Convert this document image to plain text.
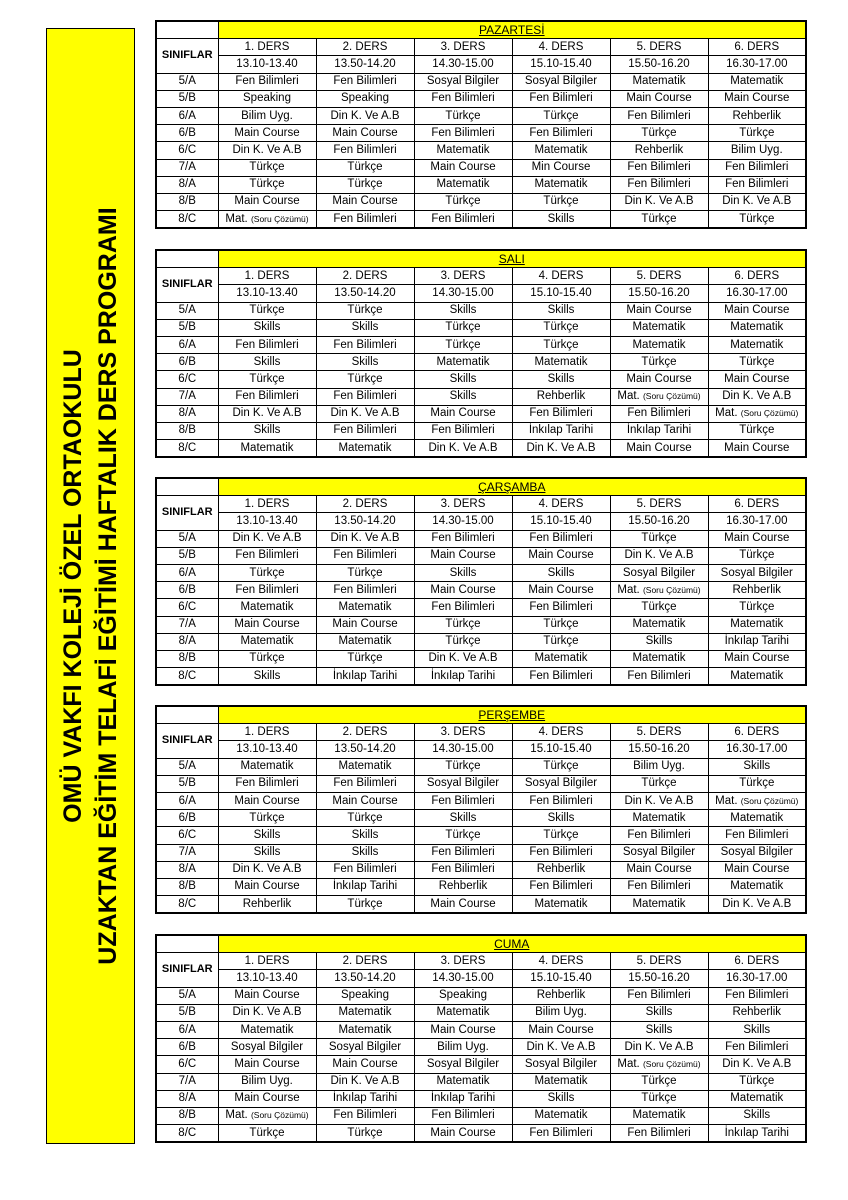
OMÜ VAKFI KOLEJİ ÖZEL ORTAOKULU UZAKTAN EĞİTİM TELAFİ EĞİTİMİ HAFTALIK DERS PROGRAMI
	PAZARTESİ					
SINIFLAR	1. DERS	2. DERS	3. DERS	4. DERS	5. DERS	6. DERS
	13.10-13.40	13.50-14.20	14.30-15.00	15.10-15.40	15.50-16.20	16.30-17.00
5/A	Fen Bilimleri	Fen Bilimleri	Sosyal Bilgiler	Sosyal Bilgiler	Matematik	Matematik
5/B	Speaking	Speaking	Fen Bilimleri	Fen Bilimleri	Main Course	Main Course
6/A	Bilim Uyg.	Din K. Ve A.B	Türkçe	Türkçe	Fen Bilimleri	Rehberlik
6/B	Main Course	Main Course	Fen Bilimleri	Fen Bilimleri	Türkçe	Türkçe
6/C	Din K. Ve A.B	Fen Bilimleri	Matematik	Matematik	Rehberlik	Bilim Uyg.
7/A	Türkçe	Türkçe	Main Course	Min Course	Fen Bilimleri	Fen Bilimleri
8/A	Türkçe	Türkçe	Matematik	Matematik	Fen Bilimleri	Fen Bilimleri
8/B	Main Course	Main Course	Türkçe	Türkçe	Din K. Ve A.B	Din K. Ve A.B
8/C	Mat. (Soru Çözümü)	Fen Bilimleri	Fen Bilimleri	Skills	Türkçe	Türkçe
	SALI					
SINIFLAR	1. DERS	2. DERS	3. DERS	4. DERS	5. DERS	6. DERS
	13.10-13.40	13.50-14.20	14.30-15.00	15.10-15.40	15.50-16.20	16.30-17.00
5/A	Türkçe	Türkçe	Skills	Skills	Main Course	Main Course
5/B	Skills	Skills	Türkçe	Türkçe	Matematik	Matematik
6/A	Fen Bilimleri	Fen Bilimleri	Türkçe	Türkçe	Matematik	Matematik
6/B	Skills	Skills	Matematik	Matematik	Türkçe	Türkçe
6/C	Türkçe	Türkçe	Skills	Skills	Main Course	Main Course
7/A	Fen Bilimleri	Fen Bilimleri	Skills	Rehberlik	Mat. (Soru Çözümü)	Din K. Ve A.B
8/A	Din K. Ve A.B	Din K. Ve A.B	Main Course	Fen Bilimleri	Fen Bilimleri	Mat. (Soru Çözümü)
8/B	Skills	Fen Bilimleri	Fen Bilimleri	İnkılap Tarihi	İnkılap Tarihi	Türkçe
8/C	Matematik	Matematik	Din K. Ve A.B	Din K. Ve A.B	Main Course	Main Course
	ÇARŞAMBA					
SINIFLAR	1. DERS	2. DERS	3. DERS	4. DERS	5. DERS	6. DERS
	13.10-13.40	13.50-14.20	14.30-15.00	15.10-15.40	15.50-16.20	16.30-17.00
5/A	Din K. Ve A.B	Din K. Ve A.B	Fen Bilimleri	Fen Bilimleri	Türkçe	Main Course
5/B	Fen Bilimleri	Fen Bilimleri	Main Course	Main Course	Din K. Ve A.B	Türkçe
6/A	Türkçe	Türkçe	Skills	Skills	Sosyal Bilgiler	Sosyal Bilgiler
6/B	Fen Bilimleri	Fen Bilimleri	Main Course	Main Course	Mat. (Soru Çözümü)	Rehberlik
6/C	Matematik	Matematik	Fen Bilimleri	Fen Bilimleri	Türkçe	Türkçe
7/A	Main Course	Main Course	Türkçe	Türkçe	Matematik	Matematik
8/A	Matematik	Matematik	Türkçe	Türkçe	Skills	İnkılap Tarihi
8/B	Türkçe	Türkçe	Din K. Ve A.B	Matematik	Matematik	Main Course
8/C	Skills	İnkılap Tarihi	İnkılap Tarihi	Fen Bilimleri	Fen Bilimleri	Matematik
	PERŞEMBE					
SINIFLAR	1. DERS	2. DERS	3. DERS	4. DERS	5. DERS	6. DERS
	13.10-13.40	13.50-14.20	14.30-15.00	15.10-15.40	15.50-16.20	16.30-17.00
5/A	Matematik	Matematik	Türkçe	Türkçe	Bilim Uyg.	Skills
5/B	Fen Bilimleri	Fen Bilimleri	Sosyal Bilgiler	Sosyal Bilgiler	Türkçe	Türkçe
6/A	Main Course	Main Course	Fen Bilimleri	Fen Bilimleri	Din K. Ve A.B	Mat. (Soru Çözümü)
6/B	Türkçe	Türkçe	Skills	Skills	Matematik	Matematik
6/C	Skills	Skills	Türkçe	Türkçe	Fen Bilimleri	Fen Bilimleri
7/A	Skills	Skills	Fen Bilimleri	Fen Bilimleri	Sosyal Bilgiler	Sosyal Bilgiler
8/A	Din K. Ve A.B	Fen Bilimleri	Fen Bilimleri	Rehberlik	Main Course	Main Course
8/B	Main Course	İnkılap Tarihi	Rehberlik	Fen Bilimleri	Fen Bilimleri	Matematik
8/C	Rehberlik	Türkçe	Main Course	Matematik	Matematik	Din K. Ve A.B
	CUMA					
SINIFLAR	1. DERS	2. DERS	3. DERS	4. DERS	5. DERS	6. DERS
	13.10-13.40	13.50-14.20	14.30-15.00	15.10-15.40	15.50-16.20	16.30-17.00
5/A	Main Course	Speaking	Speaking	Rehberlik	Fen Bilimleri	Fen Bilimleri
5/B	Din K. Ve A.B	Matematik	Matematik	Bilim Uyg.	Skills	Rehberlik
6/A	Matematik	Matematik	Main Course	Main Course	Skills	Skills
6/B	Sosyal Bilgiler	Sosyal Bilgiler	Bilim Uyg.	Din K. Ve A.B	Din K. Ve A.B	Fen Bilimleri
6/C	Main Course	Main Course	Sosyal Bilgiler	Sosyal Bilgiler	Mat. (Soru Çözümü)	Din K. Ve A.B
7/A	Bilim Uyg.	Din K. Ve A.B	Matematik	Matematik	Türkçe	Türkçe
8/A	Main Course	İnkılap Tarihi	İnkılap Tarihi	Skills	Türkçe	Matematik
8/B	Mat. (Soru Çözümü)	Fen Bilimleri	Fen Bilimleri	Matematik	Matematik	Skills
8/C	Türkçe	Türkçe	Main Course	Fen Bilimleri	Fen Bilimleri	İnkılap Tarihi
